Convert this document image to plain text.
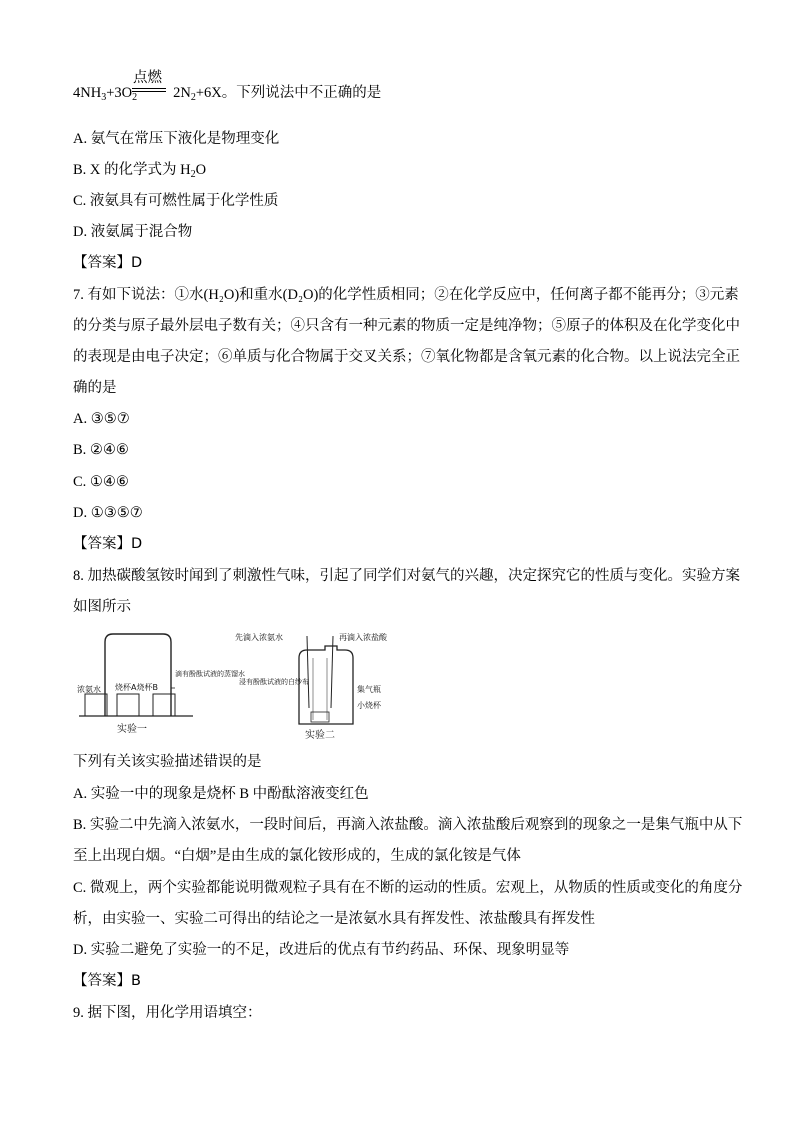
点燃
$4NH_3+3O_2$ $2N_2+6X$。下列说法中不正确的是
A. 氨气在常压下液化是物理变化
B. X 的化学式为 $H_2O$
C. 液氨具有可燃性属于化学性质
D. 液氨属于混合物
【答案】D
7. 有如下说法：①水(H₂O)和重水(D₂O)的化学性质相同；②在化学反应中，任何离子都不能再分；③元素
的分类与原子最外层电子数有关；④只含有一种元素的物质一定是纯净物；⑤原子的体积及在化学变化中
的表现是由电子决定；⑥单质与化合物属于交叉关系；⑦氧化物都是含氧元素的化合物。以上说法完全正
确的是
A. ③⑤⑦
B. ②④⑥
C. ①④⑥
D. ①③⑤⑦
【答案】D
8. 加热碳酸氢铵时闻到了刺激性气味，引起了同学们对氨气的兴趣，决定探究它的性质与变化。实验方案
如图所示
浓氨水 烧杯A烧杯B
滴有酚酞试液的蒸馏水
实验一
先滴入浓氨水	再滴入浓盐酸
浸有酚酞试液的白纱布
集气瓶
小烧杯
实验二
下列有关该实验描述错误的是
A. 实验一中的现象是烧杯 B 中酚酞溶液变红色
B. 实验二中先滴入浓氨水，一段时间后，再滴入浓盐酸。滴入浓盐酸后观察到的现象之一是集气瓶中从下
至上出现白烟。“白烟”是由生成的氯化铵形成的，生成的氯化铵是气体
C. 微观上，两个实验都能说明微观粒子具有在不断的运动的性质。宏观上，从物质的性质或变化的角度分
析，由实验一、实验二可得出的结论之一是浓氨水具有挥发性、浓盐酸具有挥发性
D. 实验二避免了实验一的不足，改进后的优点有节约药品、环保、现象明显等
【答案】B
9. 据下图，用化学用语填空：
